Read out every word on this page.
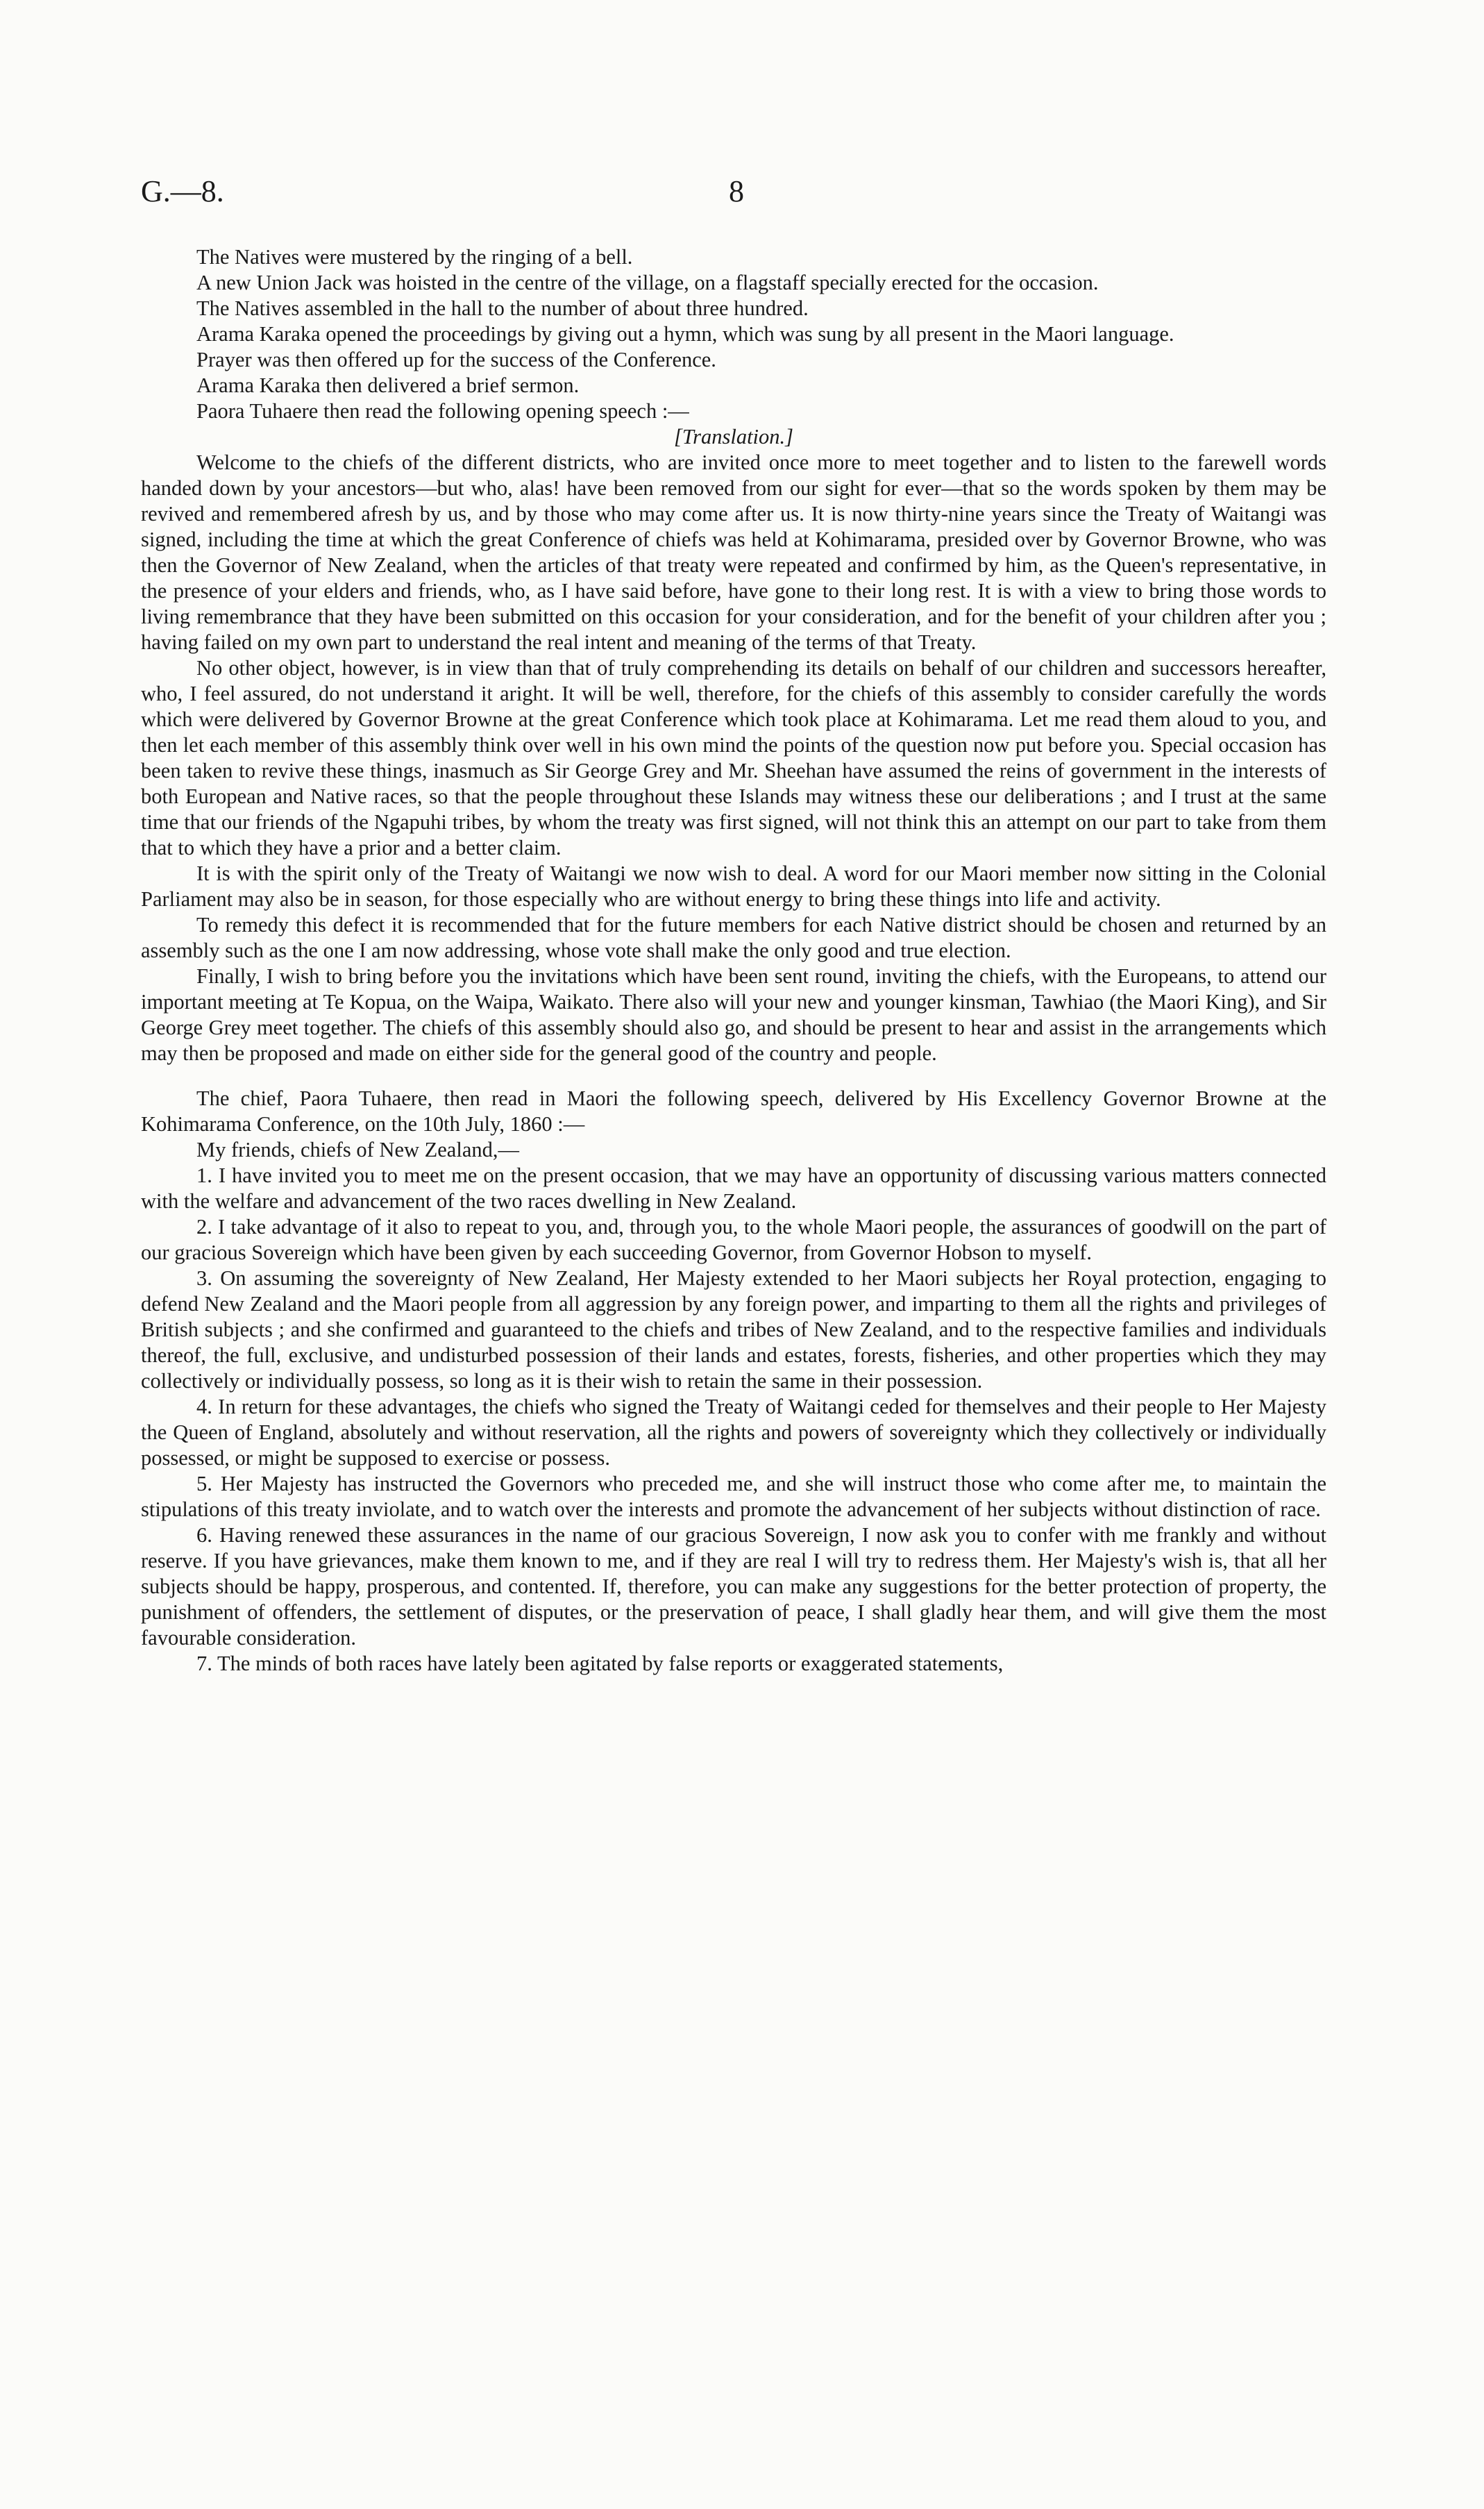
G.—8.	8

The Natives were mustered by the ringing of a bell.

A new Union Jack was hoisted in the centre of the village, on a flagstaff specially erected for the occasion.

The Natives assembled in the hall to the number of about three hundred.

Arama Karaka opened the proceedings by giving out a hymn, which was sung by all present in the Maori language.

Prayer was then offered up for the success of the Conference.

Arama Karaka then delivered a brief sermon.

Paora Tuhaere then read the following opening speech :—

[Translation.]

Welcome to the chiefs of the different districts, who are invited once more to meet together and to listen to the farewell words handed down by your ancestors—but who, alas! have been removed from our sight for ever—that so the words spoken by them may be revived and remembered afresh by us, and by those who may come after us. It is now thirty-nine years since the Treaty of Waitangi was signed, including the time at which the great Conference of chiefs was held at Kohimarama, presided over by Governor Browne, who was then the Governor of New Zealand, when the articles of that treaty were repeated and confirmed by him, as the Queen's representative, in the presence of your elders and friends, who, as I have said before, have gone to their long rest. It is with a view to bring those words to living remembrance that they have been submitted on this occasion for your consideration, and for the benefit of your children after you ; having failed on my own part to understand the real intent and meaning of the terms of that Treaty.

No other object, however, is in view than that of truly comprehending its details on behalf of our children and successors hereafter, who, I feel assured, do not understand it aright. It will be well, therefore, for the chiefs of this assembly to consider carefully the words which were delivered by Governor Browne at the great Conference which took place at Kohimarama. Let me read them aloud to you, and then let each member of this assembly think over well in his own mind the points of the question now put before you. Special occasion has been taken to revive these things, inasmuch as Sir George Grey and Mr. Sheehan have assumed the reins of government in the interests of both European and Native races, so that the people throughout these Islands may witness these our deliberations ; and I trust at the same time that our friends of the Ngapuhi tribes, by whom the treaty was first signed, will not think this an attempt on our part to take from them that to which they have a prior and a better claim.

It is with the spirit only of the Treaty of Waitangi we now wish to deal. A word for our Maori member now sitting in the Colonial Parliament may also be in season, for those especially who are without energy to bring these things into life and activity.

To remedy this defect it is recommended that for the future members for each Native district should be chosen and returned by an assembly such as the one I am now addressing, whose vote shall make the only good and true election.

Finally, I wish to bring before you the invitations which have been sent round, inviting the chiefs, with the Europeans, to attend our important meeting at Te Kopua, on the Waipa, Waikato. There also will your new and younger kinsman, Tawhiao (the Maori King), and Sir George Grey meet together. The chiefs of this assembly should also go, and should be present to hear and assist in the arrangements which may then be proposed and made on either side for the general good of the country and people.

The chief, Paora Tuhaere, then read in Maori the following speech, delivered by His Excellency Governor Browne at the Kohimarama Conference, on the 10th July, 1860 :—

My friends, chiefs of New Zealand,—

1. I have invited you to meet me on the present occasion, that we may have an opportunity of discussing various matters connected with the welfare and advancement of the two races dwelling in New Zealand.

2. I take advantage of it also to repeat to you, and, through you, to the whole Maori people, the assurances of goodwill on the part of our gracious Sovereign which have been given by each succeeding Governor, from Governor Hobson to myself.

3. On assuming the sovereignty of New Zealand, Her Majesty extended to her Maori subjects her Royal protection, engaging to defend New Zealand and the Maori people from all aggression by any foreign power, and imparting to them all the rights and privileges of British subjects ; and she confirmed and guaranteed to the chiefs and tribes of New Zealand, and to the respective families and individuals thereof, the full, exclusive, and undisturbed possession of their lands and estates, forests, fisheries, and other properties which they may collectively or individually possess, so long as it is their wish to retain the same in their possession.

4. In return for these advantages, the chiefs who signed the Treaty of Waitangi ceded for themselves and their people to Her Majesty the Queen of England, absolutely and without reservation, all the rights and powers of sovereignty which they collectively or individually possessed, or might be supposed to exercise or possess.

5. Her Majesty has instructed the Governors who preceded me, and she will instruct those who come after me, to maintain the stipulations of this treaty inviolate, and to watch over the interests and promote the advancement of her subjects without distinction of race.

6. Having renewed these assurances in the name of our gracious Sovereign, I now ask you to confer with me frankly and without reserve. If you have grievances, make them known to me, and if they are real I will try to redress them. Her Majesty's wish is, that all her subjects should be happy, prosperous, and contented. If, therefore, you can make any suggestions for the better protection of property, the punishment of offenders, the settlement of disputes, or the preservation of peace, I shall gladly hear them, and will give them the most favourable consideration.

7. The minds of both races have lately been agitated by false reports or exaggerated statements,
